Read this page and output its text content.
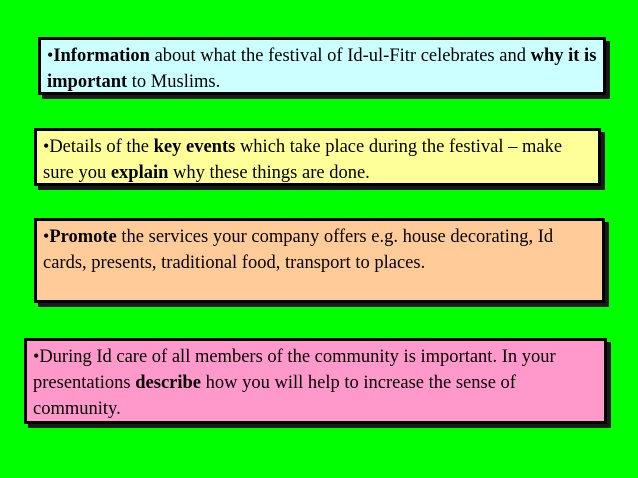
•Information about what the festival of Id-ul-Fitr celebrates and why it is important to Muslims.
•Details of the key events which take place during the festival – make sure you explain why these things are done.
•Promote the services your company offers e.g. house decorating, Id cards, presents, traditional food, transport to places.
•During Id care of all members of the community is important. In your presentations describe how you will help to increase the sense of community.
